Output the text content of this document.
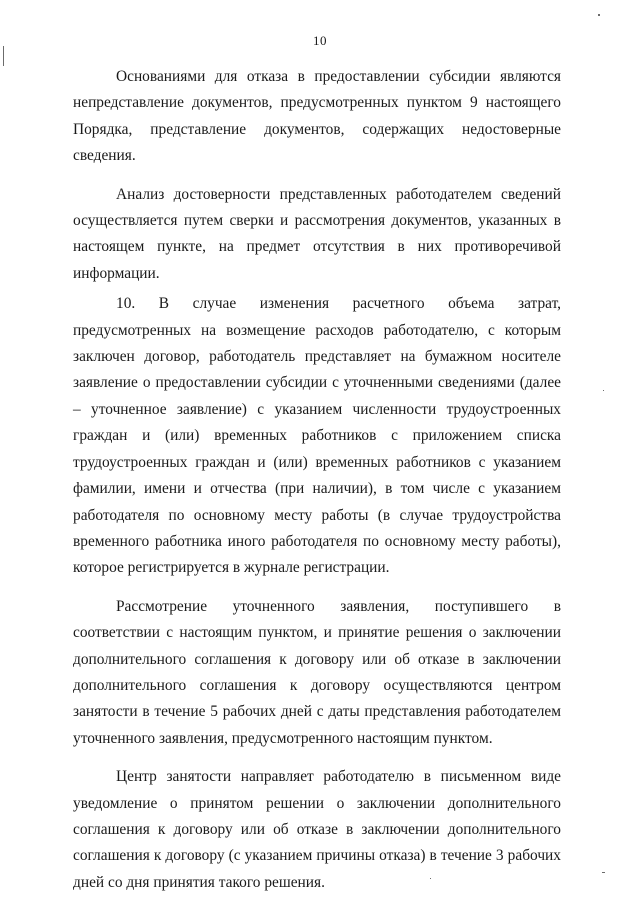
10

Основаниями для отказа в предоставлении субсидии являются непредставление документов, предусмотренных пунктом 9 настоящего Порядка, представление документов, содержащих недостоверные сведения.

Анализ достоверности представленных работодателем сведений осуществляется путем сверки и рассмотрения документов, указанных в настоящем пункте, на предмет отсутствия в них противоречивой информации.

10. В случае изменения расчетного объема затрат, предусмотренных на возмещение расходов работодателю, с которым заключен договор, работодатель представляет на бумажном носителе заявление о предоставлении субсидии с уточненными сведениями (далее – уточненное заявление) с указанием численности трудоустроенных граждан и (или) временных работников с приложением списка трудоустроенных граждан и (или) временных работников с указанием фамилии, имени и отчества (при наличии), в том числе с указанием работодателя по основному месту работы (в случае трудоустройства временного работника иного работодателя по основному месту работы), которое регистрируется в журнале регистрации.

Рассмотрение уточненного заявления, поступившего в соответствии с настоящим пунктом, и принятие решения о заключении дополнительного соглашения к договору или об отказе в заключении дополнительного соглашения к договору осуществляются центром занятости в течение 5 рабочих дней с даты представления работодателем уточненного заявления, предусмотренного настоящим пунктом.

Центр занятости направляет работодателю в письменном виде уведомление о принятом решении о заключении дополнительного соглашения к договору или об отказе в заключении дополнительного соглашения к договору (с указанием причины отказа) в течение 3 рабочих дней со дня принятия такого решения.
